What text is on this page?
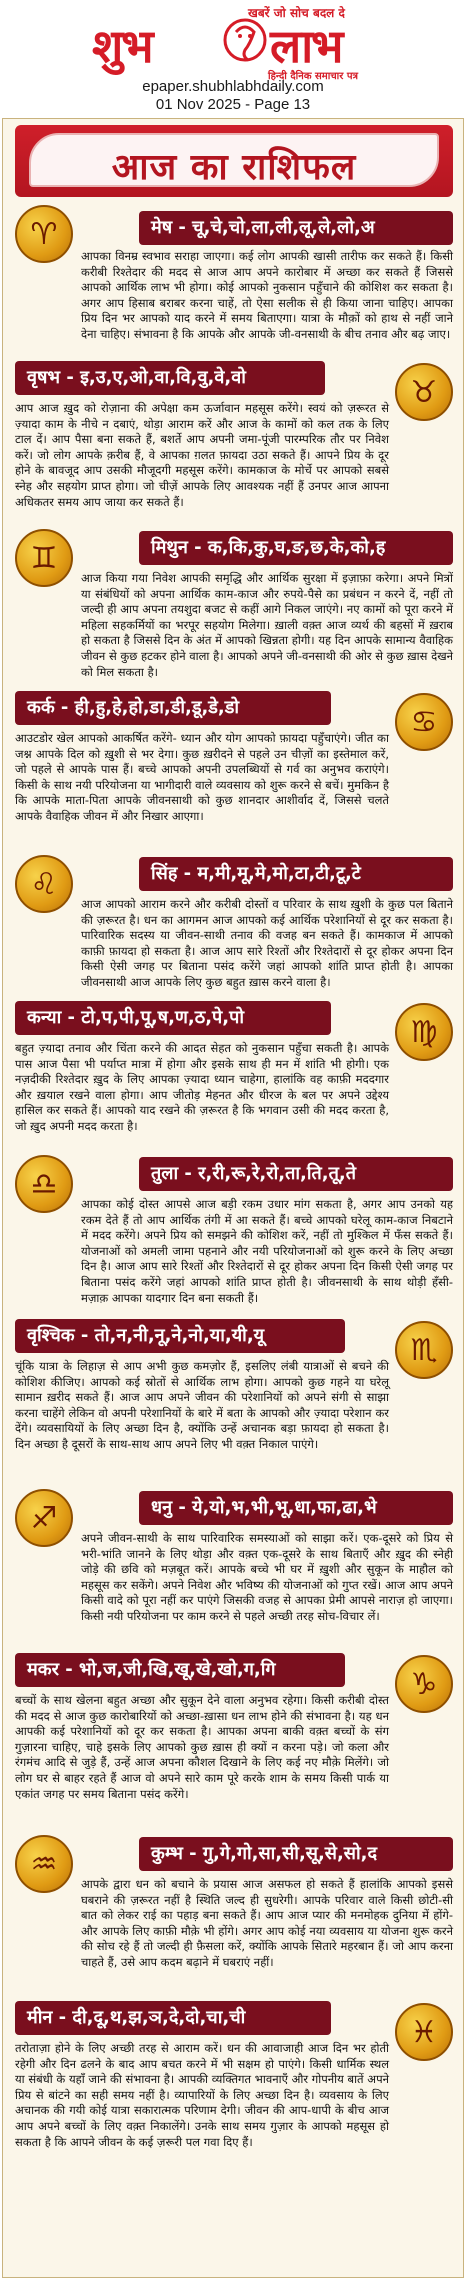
खबरें जो सोच बदल दे
शुभ	लाभ
हिन्दी दैनिक समाचार पत्र
epaper.shubhlabhdaily.com
01 Nov 2025 - Page 13
आज का राशिफल
♈	मेष - चू,चे,चो,ला,ली,लू,ले,लो,अ
आपका विनम्र स्वभाव सराहा जाएगा। कई लोग आपकी खासी तारीफ कर सकते हैं। किसी करीबी रिश्तेदार की मदद से आज आप अपने कारोबार में अच्छा कर सकते हैं जिससे आपको आर्थिक लाभ भी होगा। कोई आपको नुकसान पहुँचाने की कोशिश कर सकता है। अगर आप हिसाब बराबर करना चाहें, तो ऐसा सलीक से ही किया जाना चाहिए। आपका प्रिय दिन भर आपको याद करने में समय बिताएगा। यात्रा के मौक़ों को हाथ से नहीं जाने देना चाहिए। संभावना है कि आपके और आपके जी-वनसाथी के बीच तनाव और बढ़ जाए।
वृषभ - इ,उ,ए,ओ,वा,वि,वु,वे,वो	♉
आप आज ख़ुद को रोज़ाना की अपेक्षा कम ऊर्जावान महसूस करेंगे। स्वयं को ज़रूरत से ज़्यादा काम के नीचे न दबाएं, थोड़ा आराम करें और आज के कामों को कल तक के लिए टाल दें। आप पैसा बना सकते हैं, बशर्ते आप अपनी जमा-पूंजी पारम्परिक तौर पर निवेश करें। जो लोग आपके क़रीब हैं, वे आपका ग़लत फ़ायदा उठा सकते हैं। आपने प्रिय के दूर होने के बावजूद आप उसकी मौजूदगी महसूस करेंगे। कामकाज के मोर्चे पर आपको सबसे स्नेह और सहयोग प्राप्त होगा। जो चीज़ें आपके लिए आवश्यक नहीं हैं उनपर आज आपना अधिकतर समय आप जाया कर सकते हैं।
♊	मिथुन - क,कि,कु,घ,ङ,छ,के,को,ह
आज किया गया निवेश आपकी समृद्धि और आर्थिक सुरक्षा में इज़ाफ़ा करेगा। अपने मित्रों या संबंधियों को अपना आर्थिक काम-काज और रुपये-पैसे का प्रबंधन न करने दें, नहीं तो जल्दी ही आप अपना तयशुदा बजट से कहीं आगे निकल जाएंगे। नए कामों को पूरा करने में महिला सहकर्मियों का भरपूर सहयोग मिलेगा। ख़ाली वक़्त आज व्यर्थ की बहसों में ख़राब हो सकता है जिससे दिन के अंत में आपको खिन्नता होगी। यह दिन आपके सामान्य वैवाहिक जीवन से कुछ हटकर होने वाला है। आपको अपने जी-वनसाथी की ओर से कुछ ख़ास देखने को मिल सकता है।
कर्क - ही,हु,हे,हो,डा,डी,डू,डे,डो	♋
आउटडोर खेल आपको आकर्षित करेंगे- ध्यान और योग आपको फ़ायदा पहुँचाएंगे। जीत का जश्न आपके दिल को ख़ुशी से भर देगा। कुछ ख़रीदने से पहले उन चीज़ों का इस्तेमाल करें, जो पहले से आपके पास हैं। बच्चे आपको अपनी उपलब्धियों से गर्व का अनुभव कराएंगे। किसी के साथ नयी परियोजना या भागीदारी वाले व्यवसाय को शुरू करने से बचें। मुमकिन है कि आपके माता-पिता आपके जीवनसाथी को कुछ शानदार आशीर्वाद दें, जिससे चलते आपके वैवाहिक जीवन में और निखार आएगा।
♌	सिंह - म,मी,मू,मे,मो,टा,टी,टू,टे
आज आपको आराम करने और करीबी दोस्तों व परिवार के साथ ख़ुशी के कुछ पल बिताने की ज़रूरत है। धन का आगमन आज आपको कई आर्थिक परेशानियों से दूर कर सकता है। पारिवारिक सदस्य या जीवन-साथी तनाव की वजह बन सकते हैं। कामकाज में आपको काफ़ी फ़ायदा हो सकता है। आज आप सारे रिश्तों और रिश्तेदारों से दूर होकर अपना दिन किसी ऐसी जगह पर बिताना पसंद करेंगे जहां आपको शांति प्राप्त होती है। आपका जीवनसाथी आज आपके लिए कुछ बहुत ख़ास करने वाला है।
कन्या - टो,प,पी,पू,ष,ण,ठ,पे,पो	♍
बहुत ज़्यादा तनाव और चिंता करने की आदत सेहत को नुकसान पहुँचा सकती है। आपके पास आज पैसा भी पर्याप्त मात्रा में होगा और इसके साथ ही मन में शांति भी होगी। एक नज़दीकी रिश्तेदार ख़ुद के लिए आपका ज़्यादा ध्यान चाहेगा, हालांकि वह काफ़ी मददगार और ख़याल रखने वाला होगा। आप जीतोड़ मेहनत और धीरज के बल पर अपने उद्देश्य हासिल कर सकते हैं। आपको याद रखने की ज़रूरत है कि भगवान उसी की मदद करता है, जो ख़ुद अपनी मदद करता है।
♎	तुला - र,री,रू,रे,रो,ता,ति,तू,ते
आपका कोई दोस्त आपसे आज बड़ी रकम उधार मांग सकता है, अगर आप उनको यह रकम देते हैं तो आप आर्थिक तंगी में आ सकते हैं। बच्चे आपको घरेलू काम-काज निबटाने में मदद करेंगे। अपने प्रिय को समझने की कोशिश करें, नहीं तो मुश्किल में फँस सकते हैं। योजनाओं को अमली जामा पहनाने और नयी परियोजनाओं को शुरू करने के लिए अच्छा दिन है। आज आप सारे रिश्तों और रिश्तेदारों से दूर होकर अपना दिन किसी ऐसी जगह पर बिताना पसंद करेंगे जहां आपको शांति प्राप्त होती है। जीवनसाथी के साथ थोड़ी हँसी-मज़ाक़ आपका यादगार दिन बना सकती हैं।
वृश्चिक - तो,न,नी,नू,ने,नो,या,यी,यू	♏
चूंकि यात्रा के लिहाज़ से आप अभी कुछ कमज़ोर हैं, इसलिए लंबी यात्राओं से बचने की कोशिश कीजिए। आपको कई स्रोतों से आर्थिक लाभ होगा। आपको कुछ गहने या घरेलू सामान ख़रीद सकते हैं। आज आप अपने जीवन की परेशानियों को अपने संगी से साझा करना चाहेंगे लेकिन वो अपनी परेशानियों के बारे में बता के आपको और ज़्यादा परेशान कर देंगे। व्यवसायियों के लिए अच्छा दिन है, क्योंकि उन्हें अचानक बड़ा फ़ायदा हो सकता है। दिन अच्छा है दूसरों के साथ-साथ आप अपने लिए भी वक़्त निकाल पाएंगे।
♐	धनु - ये,यो,भ,भी,भू,धा,फा,ढा,भे
अपने जीवन-साथी के साथ पारिवारिक समस्याओं को साझा करें। एक-दूसरे को प्रिय से भरी-भांति जानने के लिए थोड़ा और वक़्त एक-दूसरे के साथ बिताएँ और ख़ुद की स्नेही जोड़े की छवि को मज़बूत करें। आपके बच्चे भी घर में ख़ुशी और सुकून के माहौल को महसूस कर सकेंगे। अपने निवेश और भविष्य की योजनाओं को गुप्त रखें। आज आप अपने किसी वादे को पूरा नहीं कर पाएंगे जिसकी वजह से आपका प्रेमी आपसे नाराज़ हो जाएगा। किसी नयी परियोजना पर काम करने से पहले अच्छी तरह सोच-विचार लें।
मकर - भो,ज,जी,खि,खू,खे,खो,ग,गि	♑
बच्चों के साथ खेलना बहुत अच्छा और सुकून देने वाला अनुभव रहेगा। किसी करीबी दोस्त की मदद से आज कुछ कारोबारियों को अच्छा-ख़ासा धन लाभ होने की संभावना है। यह धन आपकी कई परेशानियों को दूर कर सकता है। आपका अपना बाकी वक़्त बच्चों के संग गुज़ारना चाहिए, चाहे इसके लिए आपको कुछ ख़ास ही क्यों न करना पड़े। जो कला और रंगमंच आदि से जुड़े हैं, उन्हें आज अपना कौशल दिखाने के लिए कई नए मौक़े मिलेंगे। जो लोग घर से बाहर रहते हैं आज वो अपने सारे काम पूरे करके शाम के समय किसी पार्क या एकांत जगह पर समय बिताना पसंद करेंगे।
♒	कुम्भ - गु,गे,गो,सा,सी,सू,से,सो,द
आपके द्वारा धन को बचाने के प्रयास आज असफल हो सकते हैं हालांकि आपको इससे घबराने की ज़रूरत नहीं है स्थिति जल्द ही सुधरेगी। आपके परिवार वाले किसी छोटी-सी बात को लेकर राई का पहाड़ बना सकते हैं। आप आज प्यार की मनमोहक दुनिया में होंगे- और आपके लिए काफ़ी मौक़े भी होंगे। अगर आप कोई नया व्यवसाय या योजना शुरू करने की सोच रहे हैं तो जल्दी ही फ़ैसला करें, क्योंकि आपके सितारे महरबान हैं। जो आप करना चाहते हैं, उसे आप कदम बढ़ाने में घबराएं नहीं।
मीन - दी,दू,थ,झ,ञ,दे,दो,चा,ची	♓
तरोताज़ा होने के लिए अच्छी तरह से आराम करें। धन की आवाजाही आज दिन भर होती रहेगी और दिन ढलने के बाद आप बचत करने में भी सक्षम हो पाएंगे। किसी धार्मिक स्थल या संबंधी के यहाँ जाने की संभावना है। आपकी व्यक्तिगत भावनाएँ और गोपनीय बातें अपने प्रिय से बांटने का सही समय नहीं है। व्यापारियों के लिए अच्छा दिन है। व्यवसाय के लिए अचानक की गयी कोई यात्रा सकारात्मक परिणाम देगी। जीवन की आप-धापी के बीच आज आप अपने बच्चों के लिए वक़्त निकालेंगे। उनके साथ समय गुज़ार के आपको महसूस हो सकता है कि आपने जीवन के कई ज़रूरी पल गवा दिए हैं।
